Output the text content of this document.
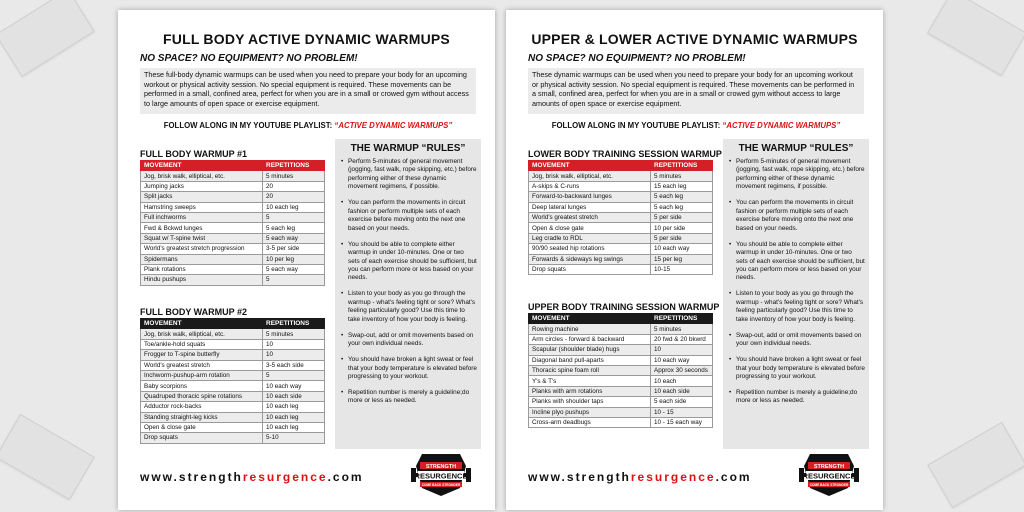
FULL BODY ACTIVE DYNAMIC WARMUPS
NO SPACE? NO EQUIPMENT? NO PROBLEM!
These full-body dynamic warmups can be used when you need to prepare your body for an upcoming workout or physical activity session. No special equipment is required. These movements can be performed in a small, confined area, perfect for when you are in a small or crowed gym without access to large amounts of open space or exercise equipment.
FOLLOW ALONG IN MY YOUTUBE PLAYLIST: “ACTIVE DYNAMIC WARMUPS”
FULL BODY WARMUP #1
MOVEMENT	REPETITIONS
Jog, brisk walk, elliptical, etc.	5 minutes
Jumping jacks	20
Split jacks	20
Hamstring sweeps	10 each leg
Full inchworms	5
Fwd & Bckwd lunges	5 each leg
Squat w/ T-spine twist	5 each way
World's greatest stretch progression	3-5 per side
Spidermans	10 per leg
Plank rotations	5 each way
Hindu pushups	5
FULL BODY WARMUP #2
MOVEMENT	REPETITIONS
Jog, brisk walk, elliptical, etc.	5 minutes
Toe/ankle-hold squats	10
Frogger to T-spine butterfly	10
World's greatest stretch	3-5 each side
Inchworm-pushup-arm rotation	5
Baby scorpions	10 each way
Quadruped thoracic spine rotations	10 each side
Adductor rock-backs	10 each leg
Standing straight-leg kicks	10 each leg
Open & close gate	10 each leg
Drop squats	5-10
THE WARMUP “RULES”
• Perform 5-minutes of general movement (jogging, fast walk, rope skipping, etc.) before performing either of these dynamic movement regimens, if possible.
• You can perform the movements in circuit fashion or perform multiple sets of each exercise before moving onto the next one based on your needs.
• You should be able to complete either warmup in under 10-minutes. One or two sets of each exercise should be sufficient, but you can perform more or less based on your needs.
• Listen to your body as you go through the warmup - what's feeling tight or sore? What's feeling particularly good? Use this time to take inventory of how your body is feeling.
• Swap-out, add or omit movements based on your own individual needs.
• You should have broken a light sweat or feel that your body temperature is elevated before progressing to your workout.
• Repetition number is merely a guideline;do more or less as needed.
www.strengthresurgence.com
STRENGTH
RESURGENCE
COME BACK STRONGER
UPPER & LOWER ACTIVE DYNAMIC WARMUPS
NO SPACE? NO EQUIPMENT? NO PROBLEM!
These dynamic warmups can be used when you need to prepare your body for an upcoming workout or physical activity session. No special equipment is required. These movements can be performed in a small, confined area, perfect for when you are in a small or crowed gym without access to large amounts of open space or exercise equipment.
FOLLOW ALONG IN MY YOUTUBE PLAYLIST: “ACTIVE DYNAMIC WARMUPS”
LOWER BODY TRAINING SESSION WARMUP
MOVEMENT	REPETITIONS
Jog, brisk walk, elliptical, etc.	5 minutes
A-skips & C-runs	15 each leg
Forward-to-backward lunges	5 each leg
Deep lateral lunges	5 each leg
World's greatest stretch	5 per side
Open & close gate	10 per side
Leg cradle to RDL	5 per side
90/90 seated hip rotations	10 each way
Forwards & sideways leg swings	15 per leg
Drop squats	10-15
UPPER BODY TRAINING SESSION WARMUP
MOVEMENT	REPETITIONS
Rowing machine	5 minutes
Arm circles - forward & backward	20 fwd & 20 bkwrd
Scapular (shoulder blade) hugs	10
Diagonal band pull-aparts	10 each way
Thoracic spine foam roll	Approx 30 seconds
Y's & T's	10 each
Planks with arm rotations	10 each side
Planks with shoulder taps	5 each side
Incline plyo pushups	10 - 15
Cross-arm deadbugs	10 - 15 each way
THE WARMUP “RULES”
• Perform 5-minutes of general movement (jogging, fast walk, rope skipping, etc.) before performing either of these dynamic movement regimens, if possible.
• You can perform the movements in circuit fashion or perform multiple sets of each exercise before moving onto the next one based on your needs.
• You should be able to complete either warmup in under 10-minutes. One or two sets of each exercise should be sufficient, but you can perform more or less based on your needs.
• Listen to your body as you go through the warmup - what's feeling tight or sore? What's feeling particularly good? Use this time to take inventory of how your body is feeling.
• Swap-out, add or omit movements based on your own individual needs.
• You should have broken a light sweat or feel that your body temperature is elevated before progressing to your workout.
• Repetition number is merely a guideline;do more or less as needed.
www.strengthresurgence.com
STRENGTH
RESURGENCE
COME BACK STRONGER
